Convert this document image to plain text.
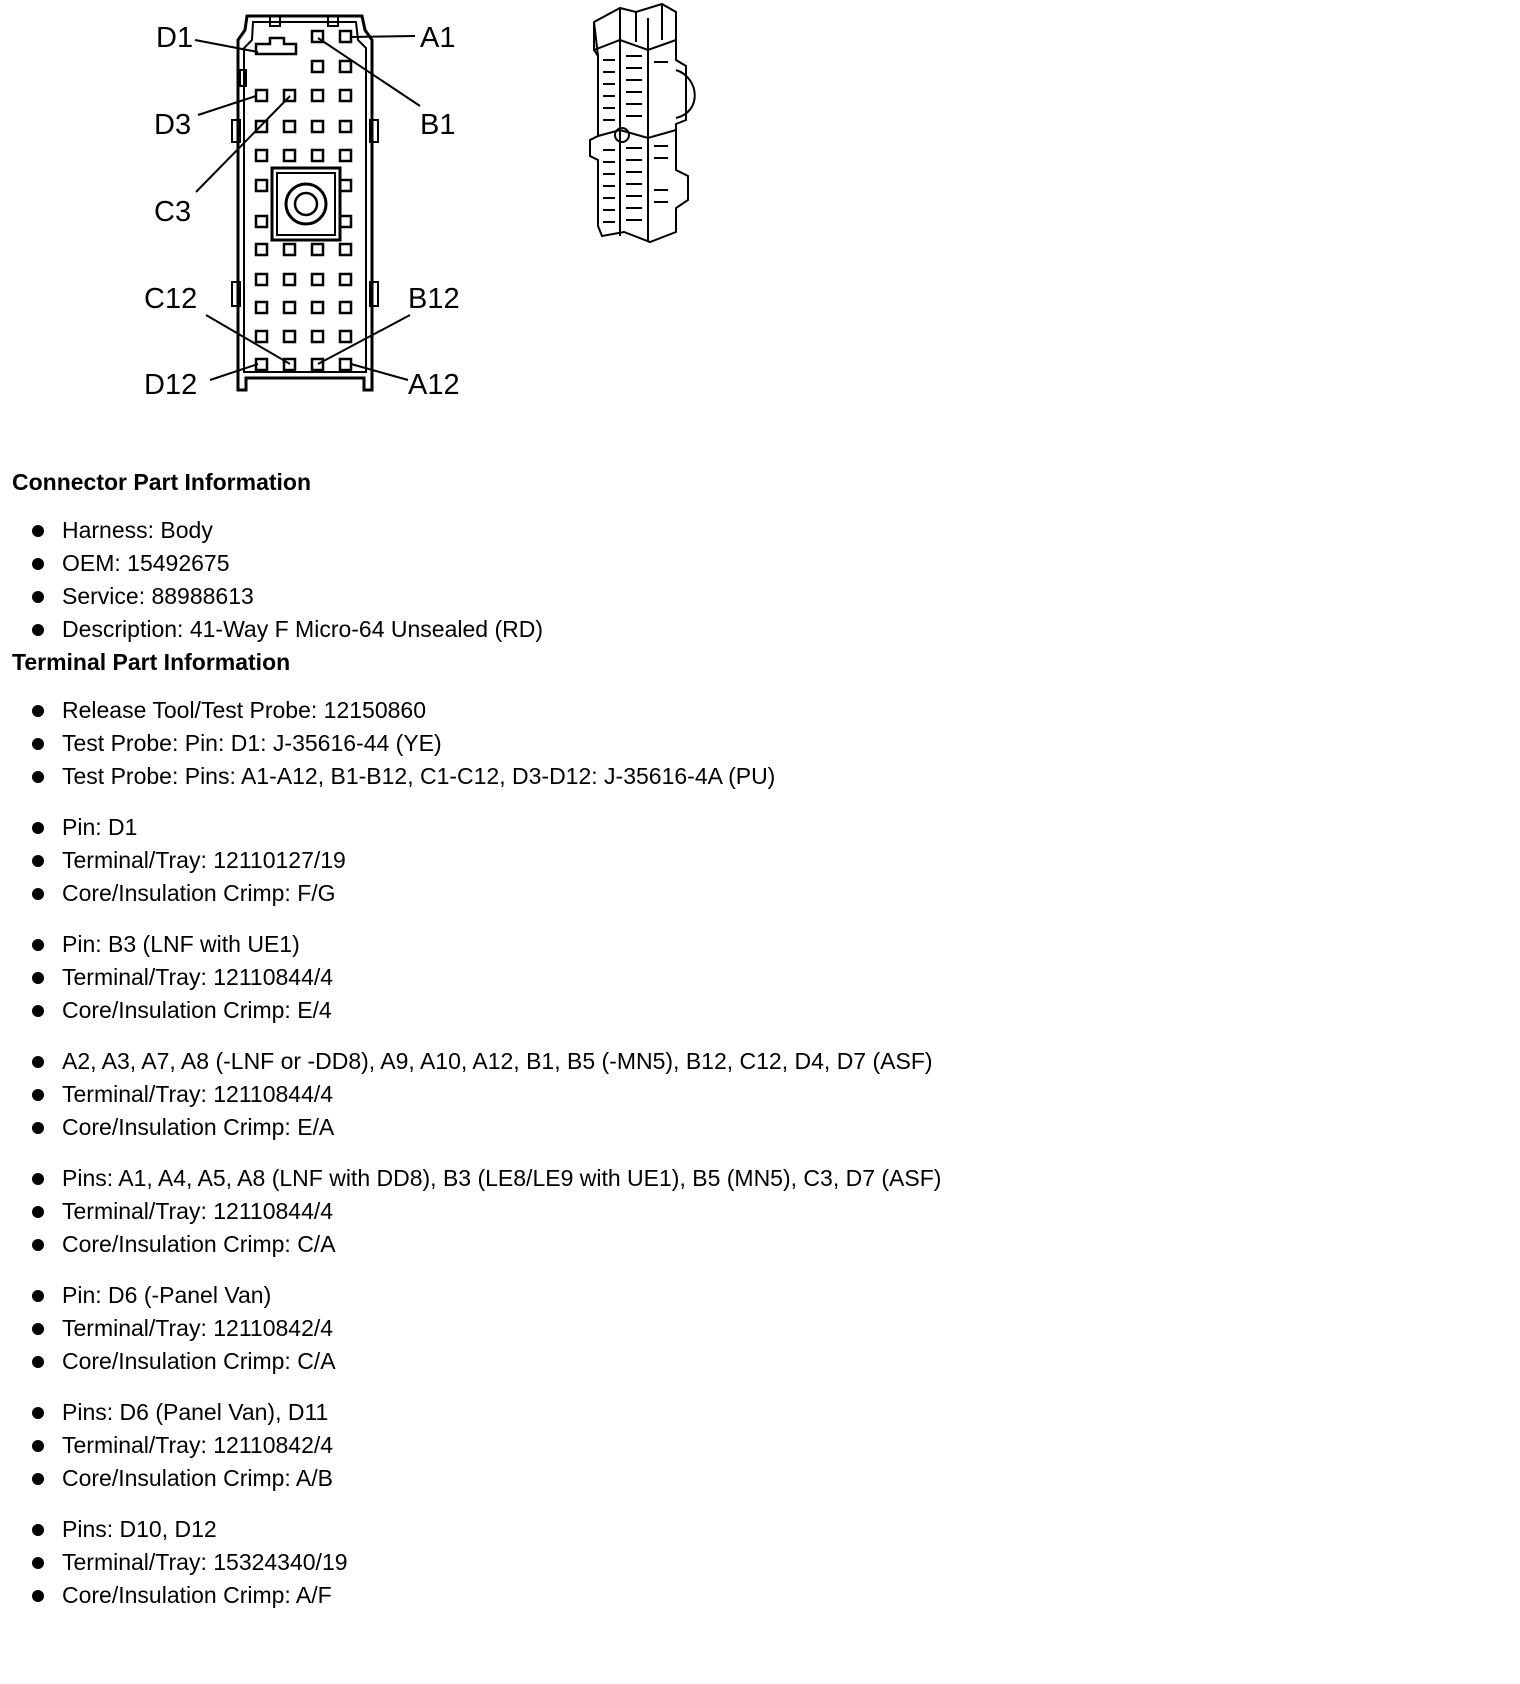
D1	A1
D3	B1
C3
C12	B12
D12	A12
Connector Part Information
Harness: Body
OEM: 15492675
Service: 88988613
Description: 41-Way F Micro-64 Unsealed (RD)
Terminal Part Information
Release Tool/Test Probe: 12150860
Test Probe: Pin: D1: J-35616-44 (YE)
Test Probe: Pins: A1-A12, B1-B12, C1-C12, D3-D12: J-35616-4A (PU)
Pin: D1
Terminal/Tray: 12110127/19
Core/Insulation Crimp: F/G
Pin: B3 (LNF with UE1)
Terminal/Tray: 12110844/4
Core/Insulation Crimp: E/4
A2, A3, A7, A8 (-LNF or -DD8), A9, A10, A12, B1, B5 (-MN5), B12, C12, D4, D7 (ASF)
Terminal/Tray: 12110844/4
Core/Insulation Crimp: E/A
Pins: A1, A4, A5, A8 (LNF with DD8), B3 (LE8/LE9 with UE1), B5 (MN5), C3, D7 (ASF)
Terminal/Tray: 12110844/4
Core/Insulation Crimp: C/A
Pin: D6 (-Panel Van)
Terminal/Tray: 12110842/4
Core/Insulation Crimp: C/A
Pins: D6 (Panel Van), D11
Terminal/Tray: 12110842/4
Core/Insulation Crimp: A/B
Pins: D10, D12
Terminal/Tray: 15324340/19
Core/Insulation Crimp: A/F
